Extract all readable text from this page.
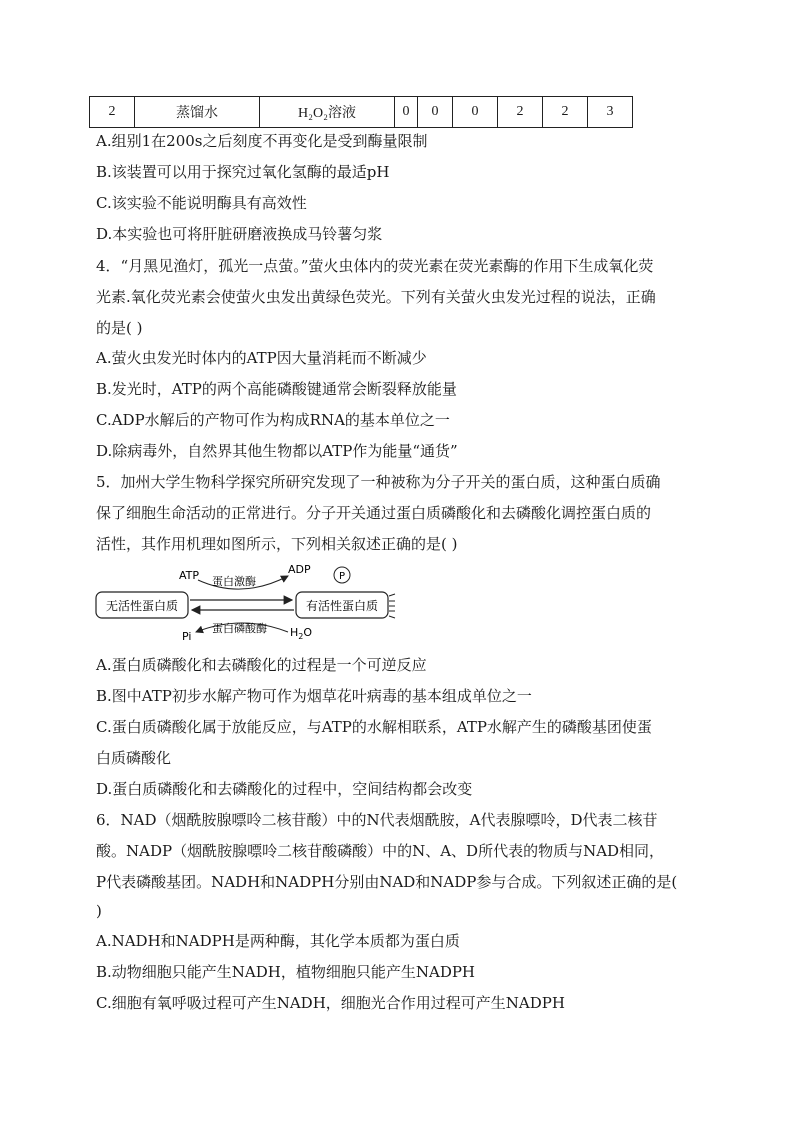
2	蒸馏水	H₂O₂溶液	0	0	0	2	2	3
A.组别1在200s之后刻度不再变化是受到酶量限制
B.该装置可以用于探究过氧化氢酶的最适pH
C.该实验不能说明酶具有高效性
D.本实验也可将肝脏研磨液换成马铃薯匀浆
4．“月黑见渔灯，孤光一点萤。”萤火虫体内的荧光素在荧光素酶的作用下生成氧化荧
光素.氧化荧光素会使萤火虫发出黄绿色荧光。下列有关萤火虫发光过程的说法，正确
的是( )
A.萤火虫发光时体内的ATP因大量消耗而不断减少
B.发光时，ATP的两个高能磷酸键通常会断裂释放能量
C.ADP水解后的产物可作为构成RNA的基本单位之一
D.除病毒外，自然界其他生物都以ATP作为能量“通货”
5．加州大学生物科学探究所研究发现了一种被称为分子开关的蛋白质，这种蛋白质确
保了细胞生命活动的正常进行。分子开关通过蛋白质磷酸化和去磷酸化调控蛋白质的
活性，其作用机理如图所示，下列相关叙述正确的是( )
无活性蛋白质	有活性蛋白质
ATP	ADP
蛋白激酶	P
Pi	$H_2O$
蛋白磷酸酶
A.蛋白质磷酸化和去磷酸化的过程是一个可逆反应
B.图中ATP初步水解产物可作为烟草花叶病毒的基本组成单位之一
C.蛋白质磷酸化属于放能反应，与ATP的水解相联系，ATP水解产生的磷酸基团使蛋
白质磷酸化
D.蛋白质磷酸化和去磷酸化的过程中，空间结构都会改变
6．NAD（烟酰胺腺嘌呤二核苷酸）中的N代表烟酰胺，A代表腺嘌呤，D代表二核苷
酸。NADP（烟酰胺腺嘌呤二核苷酸磷酸）中的N、A、D所代表的物质与NAD相同，
P代表磷酸基团。NADH和NADPH分别由NAD和NADP参与合成。下列叙述正确的是(
)
A.NADH和NADPH是两种酶，其化学本质都为蛋白质
B.动物细胞只能产生NADH，植物细胞只能产生NADPH
C.细胞有氧呼吸过程可产生NADH，细胞光合作用过程可产生NADPH
